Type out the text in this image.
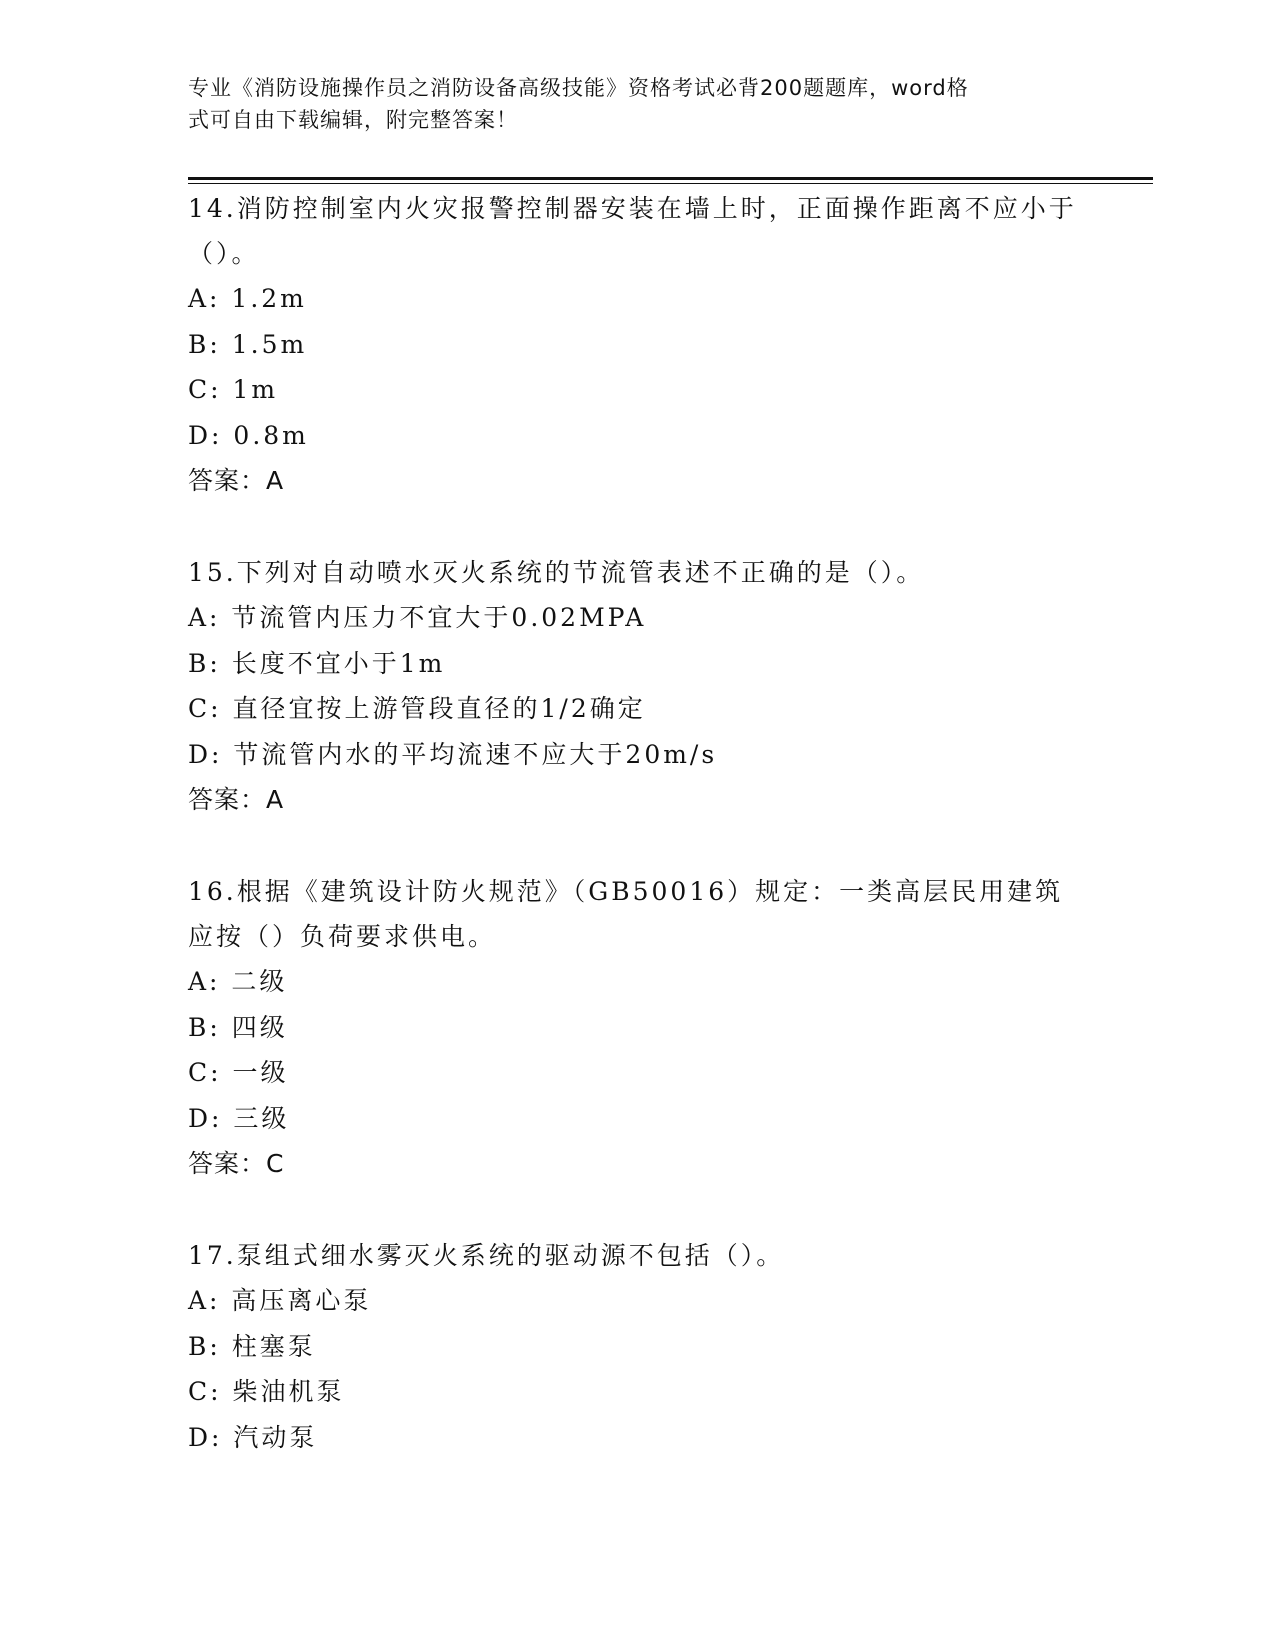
专业《消防设施操作员之消防设备高级技能》资格考试必背200题题库，word格
式可自由下载编辑，附完整答案！
14.消防控制室内火灾报警控制器安装在墙上时，正面操作距离不应小于（）。
A: 1.2m
B: 1.5m
C: 1m
D: 0.8m
答案：A
15.下列对自动喷水灭火系统的节流管表述不正确的是（）。
A: 节流管内压力不宜大于0.02MPA
B: 长度不宜小于1m
C: 直径宜按上游管段直径的1/2确定
D: 节流管内水的平均流速不应大于20m/s
答案：A
16.根据《建筑设计防火规范》（GB50016）规定：一类高层民用建筑应按（）负荷要求供电。
A: 二级
B: 四级
C: 一级
D: 三级
答案：C
17.泵组式细水雾灭火系统的驱动源不包括（）。
A: 高压离心泵
B: 柱塞泵
C: 柴油机泵
D: 汽动泵
